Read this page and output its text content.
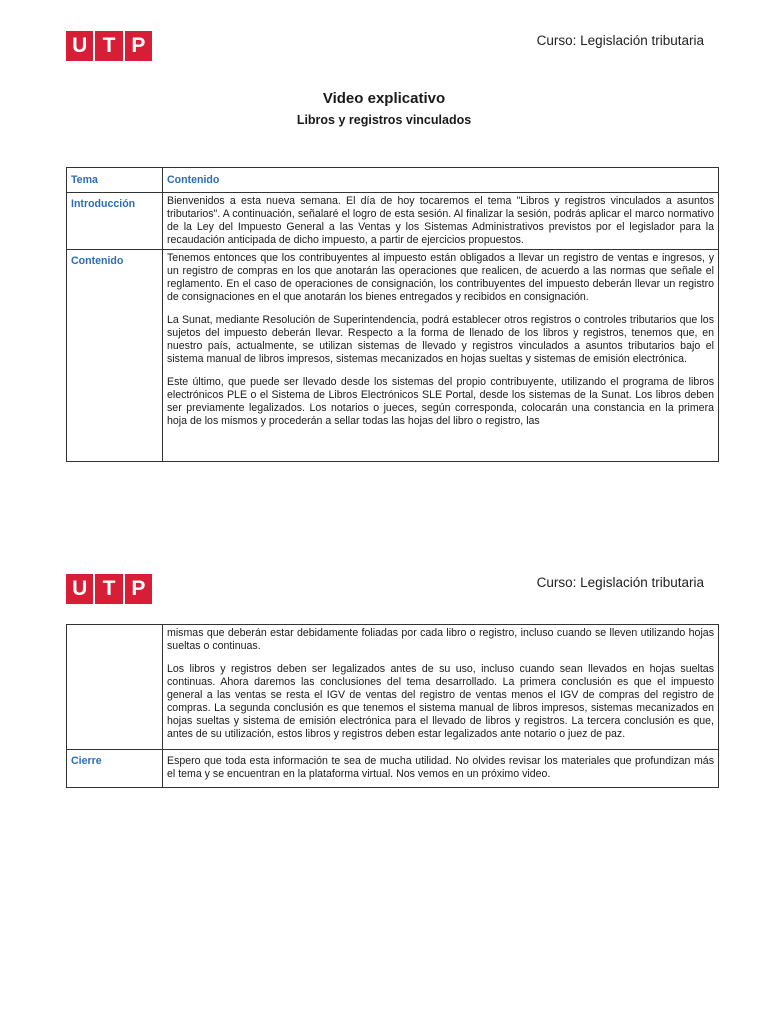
U T P	Curso: Legislación tributaria
Video explicativo
Libros y registros vinculados
Tema	Contenido
Introducción	Bienvenidos a esta nueva semana. El día de hoy tocaremos el tema "Libros y registros vinculados a asuntos tributarios". A continuación, señalaré el logro de esta sesión. Al finalizar la sesión, podrás aplicar el marco normativo de la Ley del Impuesto General a las Ventas y los Sistemas Administrativos previstos por el legislador para la recaudación anticipada de dicho impuesto, a partir de ejercicios propuestos.
Contenido	Tenemos entonces que los contribuyentes al impuesto están obligados a llevar un registro de ventas e ingresos, y un registro de compras en los que anotarán las operaciones que realicen, de acuerdo a las normas que señale el reglamento. En el caso de operaciones de consignación, los contribuyentes del impuesto deberán llevar un registro de consignaciones en el que anotarán los bienes entregados y recibidos en consignación.

La Sunat, mediante Resolución de Superintendencia, podrá establecer otros registros o controles tributarios que los sujetos del impuesto deberán llevar. Respecto a la forma de llenado de los libros y registros, tenemos que, en nuestro país, actualmente, se utilizan sistemas de llevado y registros vinculados a asuntos tributarios bajo el sistema manual de libros impresos, sistemas mecanizados en hojas sueltas y sistemas de emisión electrónica.

Este último, que puede ser llevado desde los sistemas del propio contribuyente, utilizando el programa de libros electrónicos PLE o el Sistema de Libros Electrónicos SLE Portal, desde los sistemas de la Sunat. Los libros deben ser previamente legalizados. Los notarios o jueces, según corresponda, colocarán una constancia en la primera hoja de los mismos y procederán a sellar todas las hojas del libro o registro, las

U T P	Curso: Legislación tributaria

	mismas que deberán estar debidamente foliadas por cada libro o registro, incluso cuando se lleven utilizando hojas sueltas o continuas.

Los libros y registros deben ser legalizados antes de su uso, incluso cuando sean llevados en hojas sueltas continuas. Ahora daremos las conclusiones del tema desarrollado. La primera conclusión es que el impuesto general a las ventas se resta el IGV de ventas del registro de ventas menos el IGV de compras del registro de compras. La segunda conclusión es que tenemos el sistema manual de libros impresos, sistemas mecanizados en hojas sueltas y sistema de emisión electrónica para el llevado de libros y registros. La tercera conclusión es que, antes de su utilización, estos libros y registros deben estar legalizados ante notario o juez de paz.

Cierre	Espero que toda esta información te sea de mucha utilidad. No olvides revisar los materiales que profundizan más el tema y se encuentran en la plataforma virtual. Nos vemos en un próximo video.
